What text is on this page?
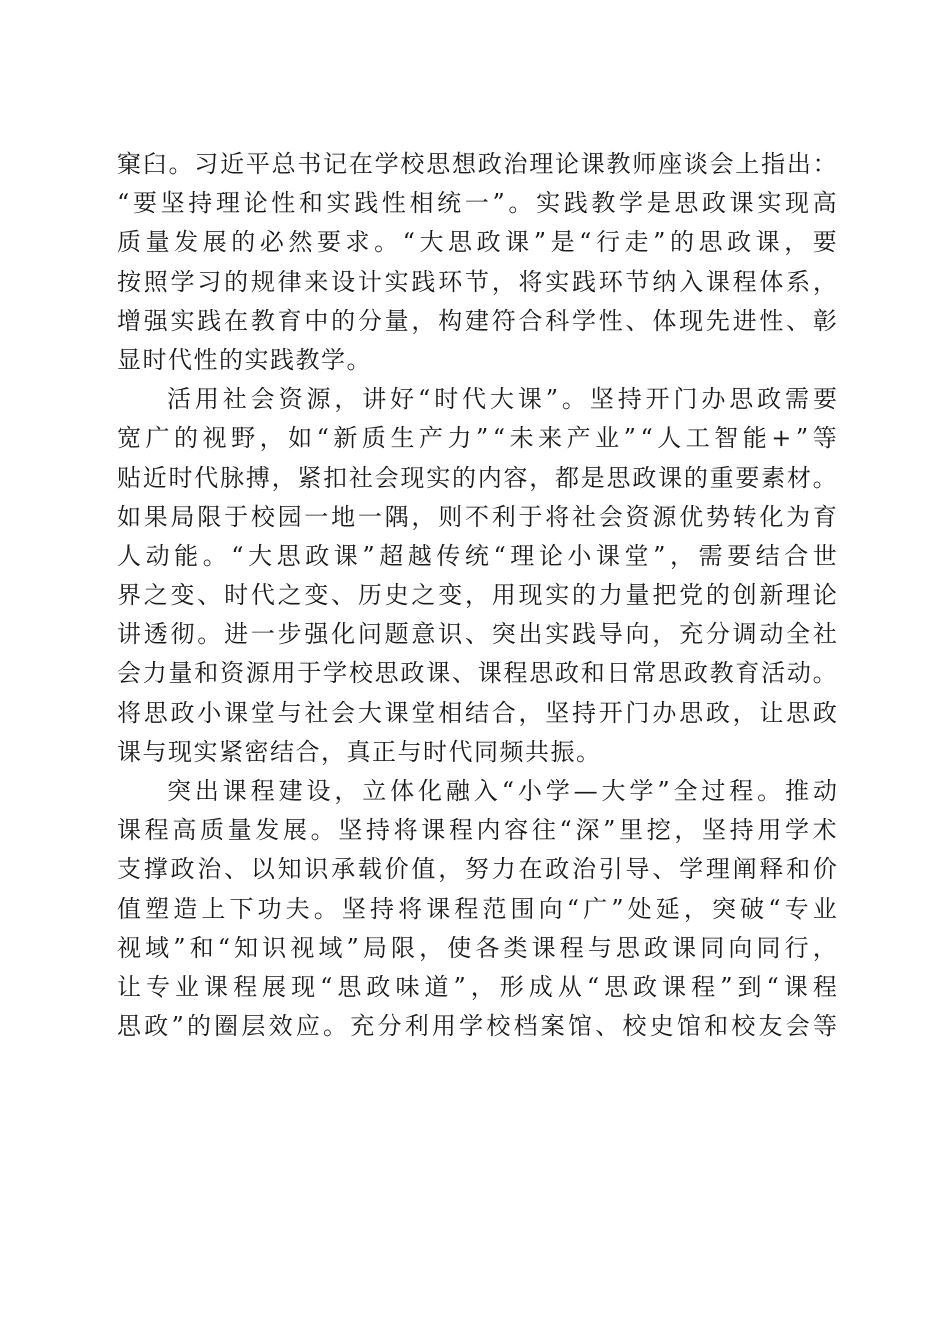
窠 臼 。 习 近 平 总 书 记 在 学 校 思 想 政 治 理 论 课 教 师 座 谈 会 上 指 出 ：
“ 要 坚 持 理 论 性 和 实 践 性 相 统 一 ” 。 实 践 教 学 是 思 政 课 实 现 高
质 量 发 展 的 必 然 要 求 。 “ 大 思 政 课 ” 是 “ 行 走 ” 的 思 政 课 ， 要
按 照 学 习 的 规 律 来 设 计 实 践 环 节 ， 将 实 践 环 节 纳 入 课 程 体 系 ，
增 强 实 践 在 教 育 中 的 分 量 ， 构 建 符 合 科 学 性 、 体 现 先 进 性 、 彰
显时代性的实践教学。
活 用 社 会 资 源 ， 讲 好 “ 时 代 大 课 ” 。 坚 持 开 门 办 思 政 需 要
宽 广 的 视 野 ， 如 “ 新 质 生 产 力 ” “ 未 来 产 业 ” “ 人 工 智 能 + ” 等
贴 近 时 代 脉 搏 ， 紧 扣 社 会 现 实 的 内 容 ， 都 是 思 政 课 的 重 要 素 材 。
如 果 局 限 于 校 园 一 地 一 隅 ， 则 不 利 于 将 社 会 资 源 优 势 转 化 为 育
人 动 能 。 “ 大 思 政 课 ” 超 越 传 统 “ 理 论 小 课 堂 ” ， 需 要 结 合 世
界 之 变 、 时 代 之 变 、 历 史 之 变 ， 用 现 实 的 力 量 把 党 的 创 新 理 论
讲 透 彻 。 进 一 步 强 化 问 题 意 识 、 突 出 实 践 导 向 ， 充 分 调 动 全 社
会 力 量 和 资 源 用 于 学 校 思 政 课 、 课 程 思 政 和 日 常 思 政 教 育 活 动 。
将 思 政 小 课 堂 与 社 会 大 课 堂 相 结 合 ， 坚 持 开 门 办 思 政 ， 让 思 政
课与现实紧密结合，真正与时代同频共振。
突 出 课 程 建 设 ， 立 体 化 融 入 “ 小 学 — 大 学 ” 全 过 程 。 推 动
课 程 高 质 量 发 展 。 坚 持 将 课 程 内 容 往 “ 深 ” 里 挖 ， 坚 持 用 学 术
支 撑 政 治 、 以 知 识 承 载 价 值 ， 努 力 在 政 治 引 导 、 学 理 阐 释 和 价
值 塑 造 上 下 功 夫 。 坚 持 将 课 程 范 围 向 “ 广 ” 处 延 ， 突 破 “ 专 业
视 域 ” 和 “ 知 识 视 域 ” 局 限 ， 使 各 类 课 程 与 思 政 课 同 向 同 行 ，
让 专 业 课 程 展 现 “ 思 政 味 道 ” ， 形 成 从 “ 思 政 课 程 ” 到 “ 课 程
思 政 ” 的 圈 层 效 应 。 充 分 利 用 学 校 档 案 馆 、 校 史 馆 和 校 友 会 等
